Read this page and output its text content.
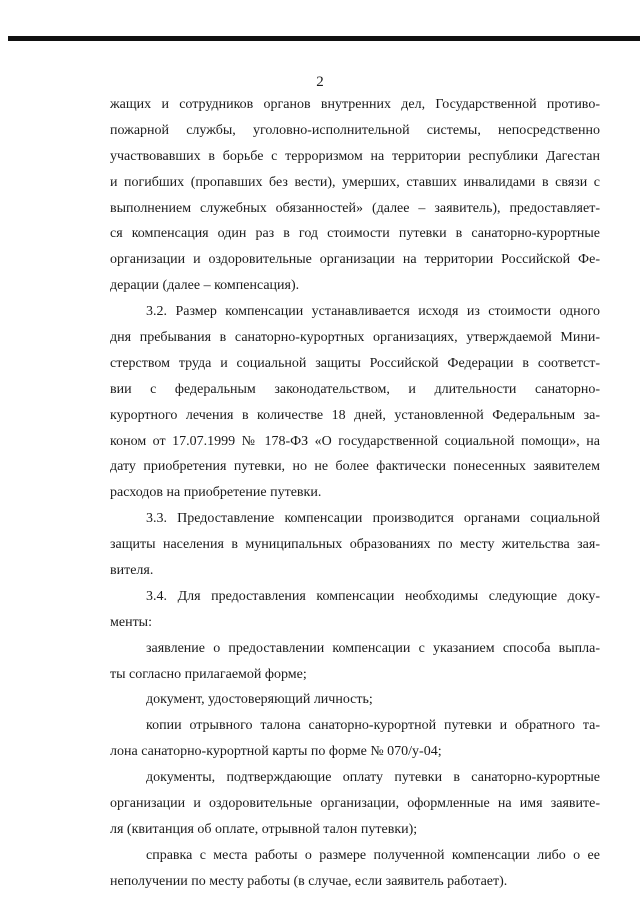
2
жащих и сотрудников органов внутренних дел, Государственной противо-
пожарной службы, уголовно-исполнительной системы, непосредственно
участвовавших в борьбе с терроризмом на территории республики Дагестан
и погибших (пропавших без вести), умерших, ставших инвалидами в связи с
выполнением служебных обязанностей» (далее – заявитель), предоставляет-
ся компенсация один раз в год стоимости путевки в санаторно-курортные
организации и оздоровительные организации на территории Российской Фе-
дерации (далее – компенсация).
3.2. Размер компенсации устанавливается исходя из стоимости одного
дня пребывания в санаторно-курортных организациях, утверждаемой Мини-
стерством труда и социальной защиты Российской Федерации в соответст-
вии с федеральным законодательством, и длительности санаторно-
курортного лечения в количестве 18 дней, установленной Федеральным за-
коном от 17.07.1999 № 178-ФЗ «О государственной социальной помощи», на
дату приобретения путевки, но не более фактически понесенных заявителем
расходов на приобретение путевки.
3.3. Предоставление компенсации производится органами социальной
защиты населения в муниципальных образованиях по месту жительства зая-
вителя.
3.4. Для предоставления компенсации необходимы следующие доку-
менты:
заявление о предоставлении компенсации с указанием способа выпла-
ты согласно прилагаемой форме;
документ, удостоверяющий личность;
копии отрывного талона санаторно-курортной путевки и обратного та-
лона санаторно-курортной карты по форме № 070/у-04;
документы, подтверждающие оплату путевки в санаторно-курортные
организации и оздоровительные организации, оформленные на имя заявите-
ля (квитанция об оплате, отрывной талон путевки);
справка с места работы о размере полученной компенсации либо о ее
неполучении по месту работы (в случае, если заявитель работает).
